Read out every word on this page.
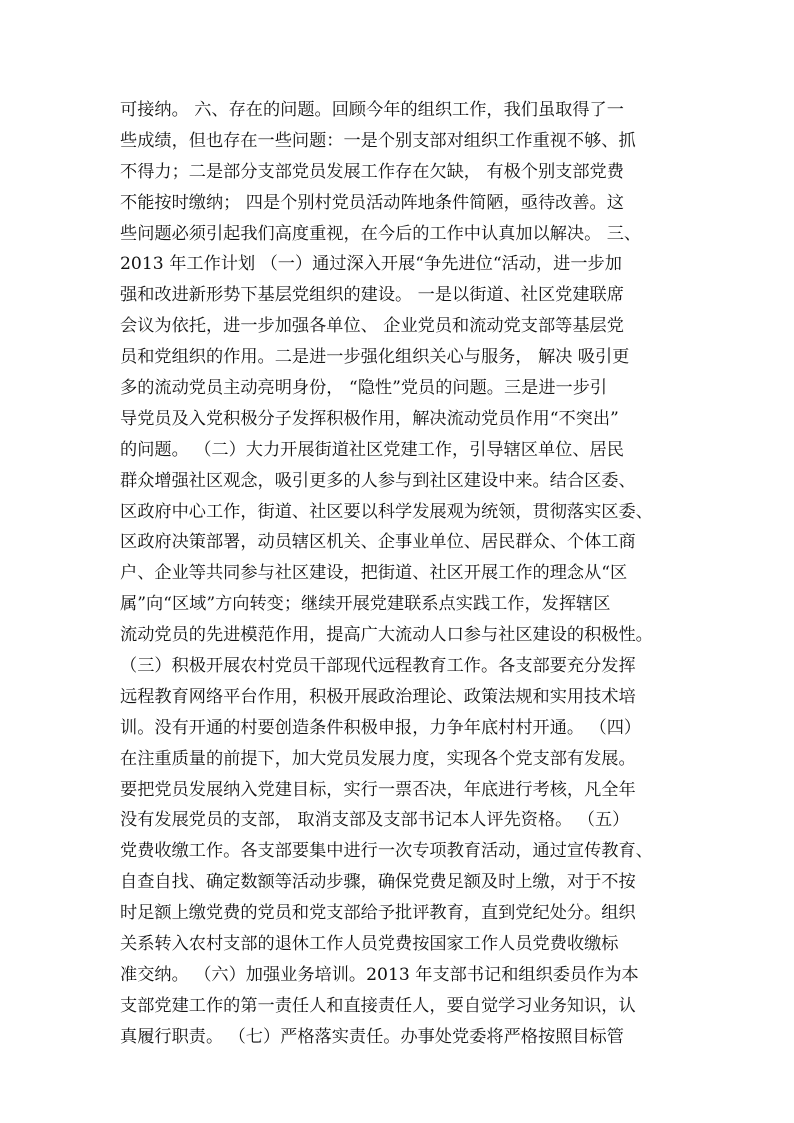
可接纳。 六、存在的问题。回顾今年的组织工作，我们虽取得了一
些成绩，但也存在一些问题：一是个别支部对组织工作重视不够、抓
不得力；二是部分支部党员发展工作存在欠缺， 有极个别支部党费
不能按时缴纳； 四是个别村党员活动阵地条件简陋，亟待改善。这
些问题必须引起我们高度重视，在今后的工作中认真加以解决。 三、
2013 年工作计划 （一）通过深入开展“争先进位“活动，进一步加
强和改进新形势下基层党组织的建设。 一是以街道、社区党建联席
会议为依托，进一步加强各单位、 企业党员和流动党支部等基层党
员和党组织的作用。二是进一步强化组织关心与服务， 解决 吸引更
多的流动党员主动亮明身份， “隐性”党员的问题。三是进一步引
导党员及入党积极分子发挥积极作用，解决流动党员作用“不突出”
的问题。 （二）大力开展街道社区党建工作，引导辖区单位、居民
群众增强社区观念，吸引更多的人参与到社区建设中来。结合区委、
区政府中心工作，街道、社区要以科学发展观为统领，贯彻落实区委、
区政府决策部署，动员辖区机关、企事业单位、居民群众、个体工商
户、企业等共同参与社区建设，把街道、社区开展工作的理念从“区
属”向“区域”方向转变；继续开展党建联系点实践工作，发挥辖区
流动党员的先进模范作用，提高广大流动人口参与社区建设的积极性。
（三）积极开展农村党员干部现代远程教育工作。各支部要充分发挥
远程教育网络平台作用，积极开展政治理论、政策法规和实用技术培
训。没有开通的村要创造条件积极申报，力争年底村村开通。 （四）
在注重质量的前提下，加大党员发展力度，实现各个党支部有发展。
要把党员发展纳入党建目标，实行一票否决，年底进行考核，凡全年
没有发展党员的支部， 取消支部及支部书记本人评先资格。 （五）
党费收缴工作。各支部要集中进行一次专项教育活动，通过宣传教育、
自查自找、确定数额等活动步骤，确保党费足额及时上缴，对于不按
时足额上缴党费的党员和党支部给予批评教育，直到党纪处分。组织
关系转入农村支部的退休工作人员党费按国家工作人员党费收缴标
准交纳。 （六）加强业务培训。2013 年支部书记和组织委员作为本
支部党建工作的第一责任人和直接责任人，要自觉学习业务知识，认
真履行职责。 （七）严格落实责任。办事处党委将严格按照目标管
